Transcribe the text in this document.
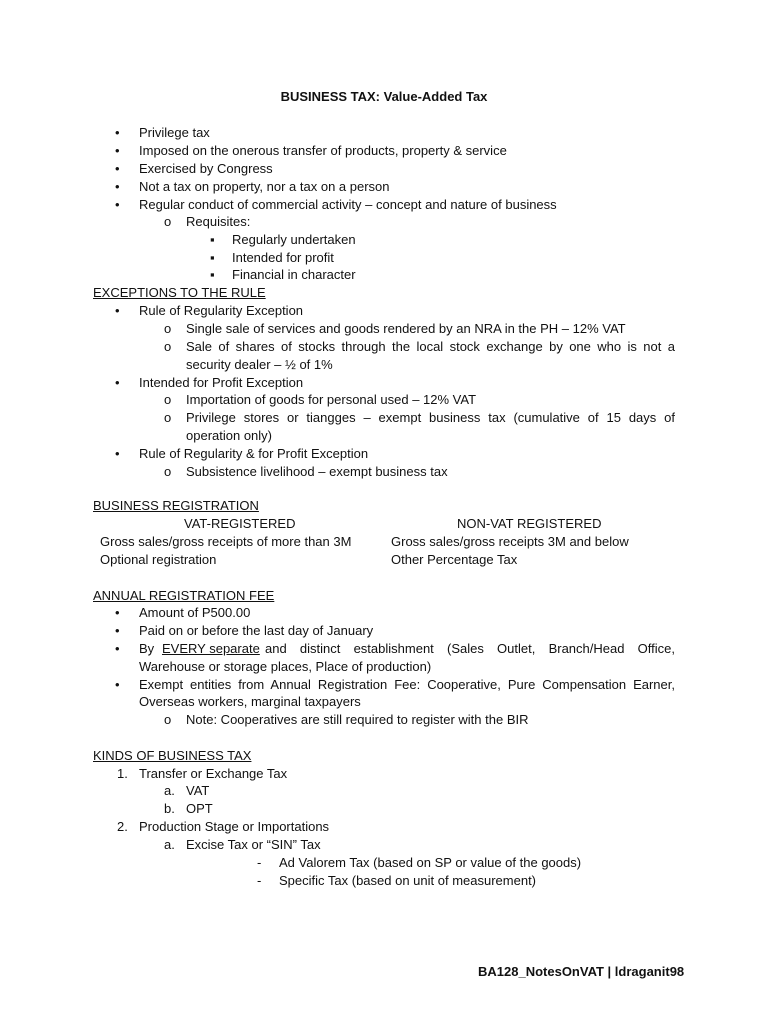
BUSINESS TAX: Value-Added Tax
• Privilege tax
• Imposed on the onerous transfer of products, property & service
• Exercised by Congress
• Not a tax on property, nor a tax on a person
• Regular conduct of commercial activity – concept and nature of business
o Requisites:
▪ Regularly undertaken
▪ Intended for profit
▪ Financial in character
EXCEPTIONS TO THE RULE
• Rule of Regularity Exception
o Single sale of services and goods rendered by an NRA in the PH – 12% VAT
o Sale of shares of stocks through the local stock exchange by one who is not a
security dealer – ½ of 1%
• Intended for Profit Exception
o Importation of goods for personal used – 12% VAT
o Privilege stores or tiangges – exempt business tax (cumulative of 15 days of
operation only)
• Rule of Regularity & for Profit Exception
o Subsistence livelihood – exempt business tax
BUSINESS REGISTRATION
VAT-REGISTERED	NON-VAT REGISTERED
Gross sales/gross receipts of more than 3M	Gross sales/gross receipts 3M and below
Optional registration	Other Percentage Tax
ANNUAL REGISTRATION FEE
• Amount of P500.00
• Paid on or before the last day of January
• By EVERY separate and distinct establishment (Sales Outlet, Branch/Head Office,
Warehouse or storage places, Place of production)
• Exempt entities from Annual Registration Fee: Cooperative, Pure Compensation Earner,
Overseas workers, marginal taxpayers
o Note: Cooperatives are still required to register with the BIR
KINDS OF BUSINESS TAX
1. Transfer or Exchange Tax
a. VAT
b. OPT
2. Production Stage or Importations
a. Excise Tax or “SIN” Tax
- Ad Valorem Tax (based on SP or value of the goods)
- Specific Tax (based on unit of measurement)
BA128_NotesOnVAT | ldraganit98
